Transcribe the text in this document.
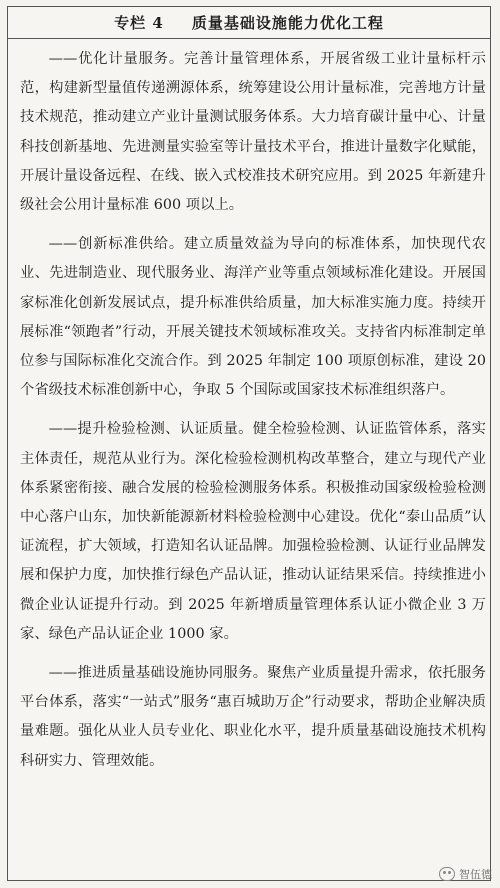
专栏 4 质量基础设施能力优化工程

——优化计量服务。完善计量管理体系，开展省级工业计量标杆示范，构建新型量值传递溯源体系，统筹建设公用计量标准，完善地方计量技术规范，推动建立产业计量测试服务体系。大力培育碳计量中心、计量科技创新基地、先进测量实验室等计量技术平台，推进计量数字化赋能，开展计量设备远程、在线、嵌入式校准技术研究应用。到 2025 年新建升级社会公用计量标准 600 项以上。

——创新标准供给。建立质量效益为导向的标准体系，加快现代农业、先进制造业、现代服务业、海洋产业等重点领域标准化建设。开展国家标准化创新发展试点，提升标准供给质量，加大标准实施力度。持续开展标准“领跑者”行动，开展关键技术领域标准攻关。支持省内标准制定单位参与国际标准化交流合作。到 2025 年制定 100 项原创标准，建设 20 个省级技术标准创新中心，争取 5 个国际或国家技术标准组织落户。

——提升检验检测、认证质量。健全检验检测、认证监管体系，落实主体责任，规范从业行为。深化检验检测机构改革整合，建立与现代产业体系紧密衔接、融合发展的检验检测服务体系。积极推动国家级检验检测中心落户山东，加快新能源新材料检验检测中心建设。优化“泰山品质”认证流程，扩大领域，打造知名认证品牌。加强检验检测、认证行业品牌发展和保护力度，加快推行绿色产品认证，推动认证结果采信。持续推进小微企业认证提升行动。到 2025 年新增质量管理体系认证小微企业 3 万家、绿色产品认证企业 1000 家。

——推进质量基础设施协同服务。聚焦产业质量提升需求，依托服务平台体系，落实“一站式”服务“惠百城助万企”行动要求，帮助企业解决质量难题。强化从业人员专业化、职业化水平，提升质量基础设施技术机构科研实力、管理效能。

智伍德
